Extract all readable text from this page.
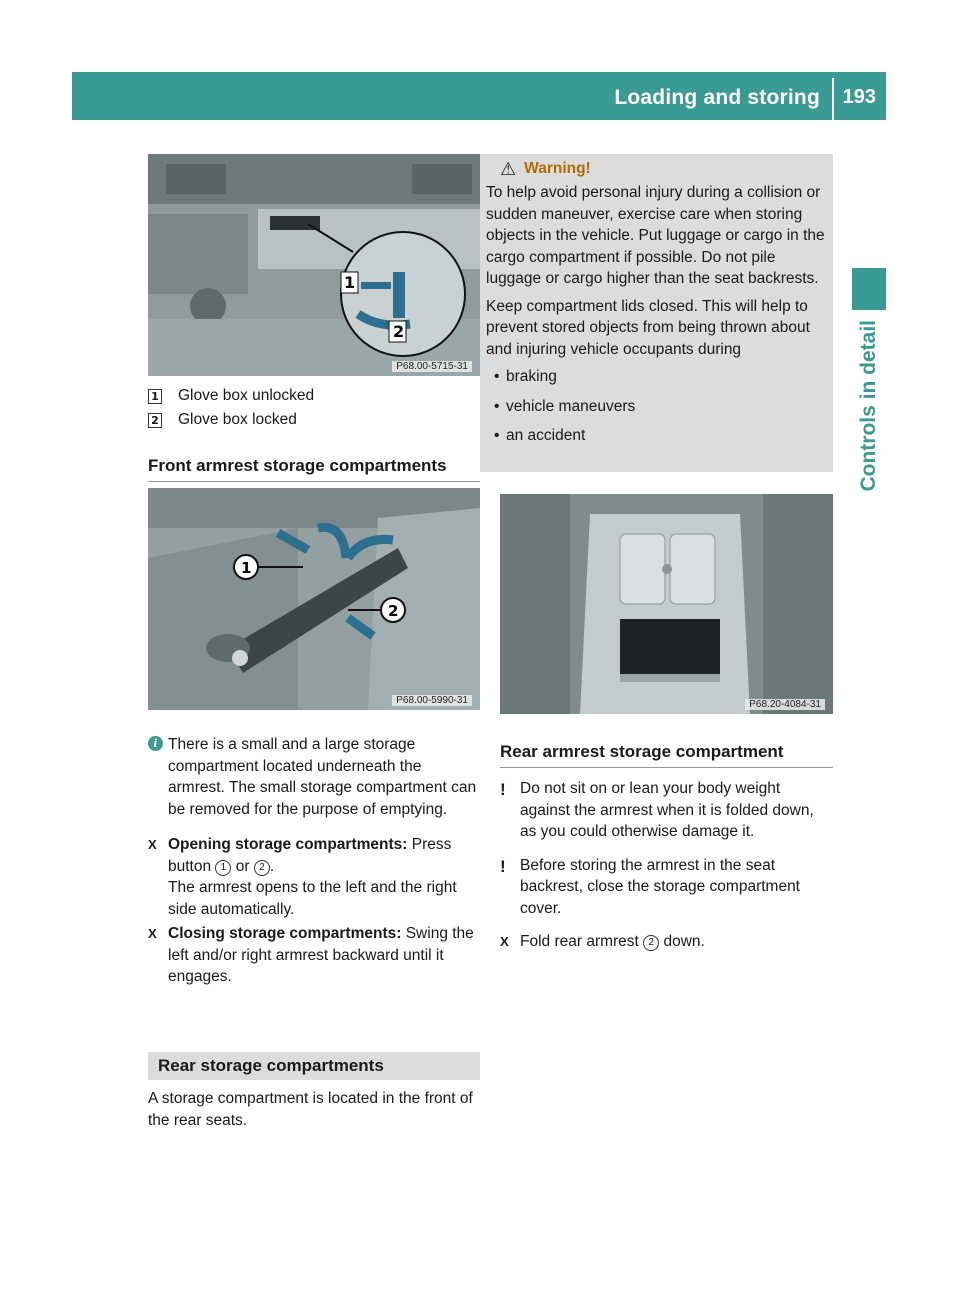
Loading and storing 193
Controls in detail
1
2
P68.00-5715-31
1 Glove box unlocked
2 Glove box locked
Front armrest storage compartments
1
2
P68.00-5990-31
i There is a small and a large storage compartment located underneath the armrest. The small storage compartment can be removed for the purpose of emptying.
X Opening storage compartments: Press button 1 or 2 .
The armrest opens to the left and the right side automatically.
X Closing storage compartments: Swing the left and/or right armrest backward until it engages.
Rear storage compartments
A storage compartment is located in the front of the rear seats.
⚠ Warning!

To help avoid personal injury during a collision or sudden maneuver, exercise care when storing objects in the vehicle. Put luggage or cargo in the cargo compartment if possible. Do not pile luggage or cargo higher than the seat backrests.

Keep compartment lids closed. This will help to prevent stored objects from being thrown about and injuring vehicle occupants during

• braking
• vehicle maneuvers
• an accident
P68.20-4084-31
Rear armrest storage compartment
! Do not sit on or lean your body weight against the armrest when it is folded down, as you could otherwise damage it.
! Before storing the armrest in the seat backrest, close the storage compartment cover.
X Fold rear armrest 2 down.
